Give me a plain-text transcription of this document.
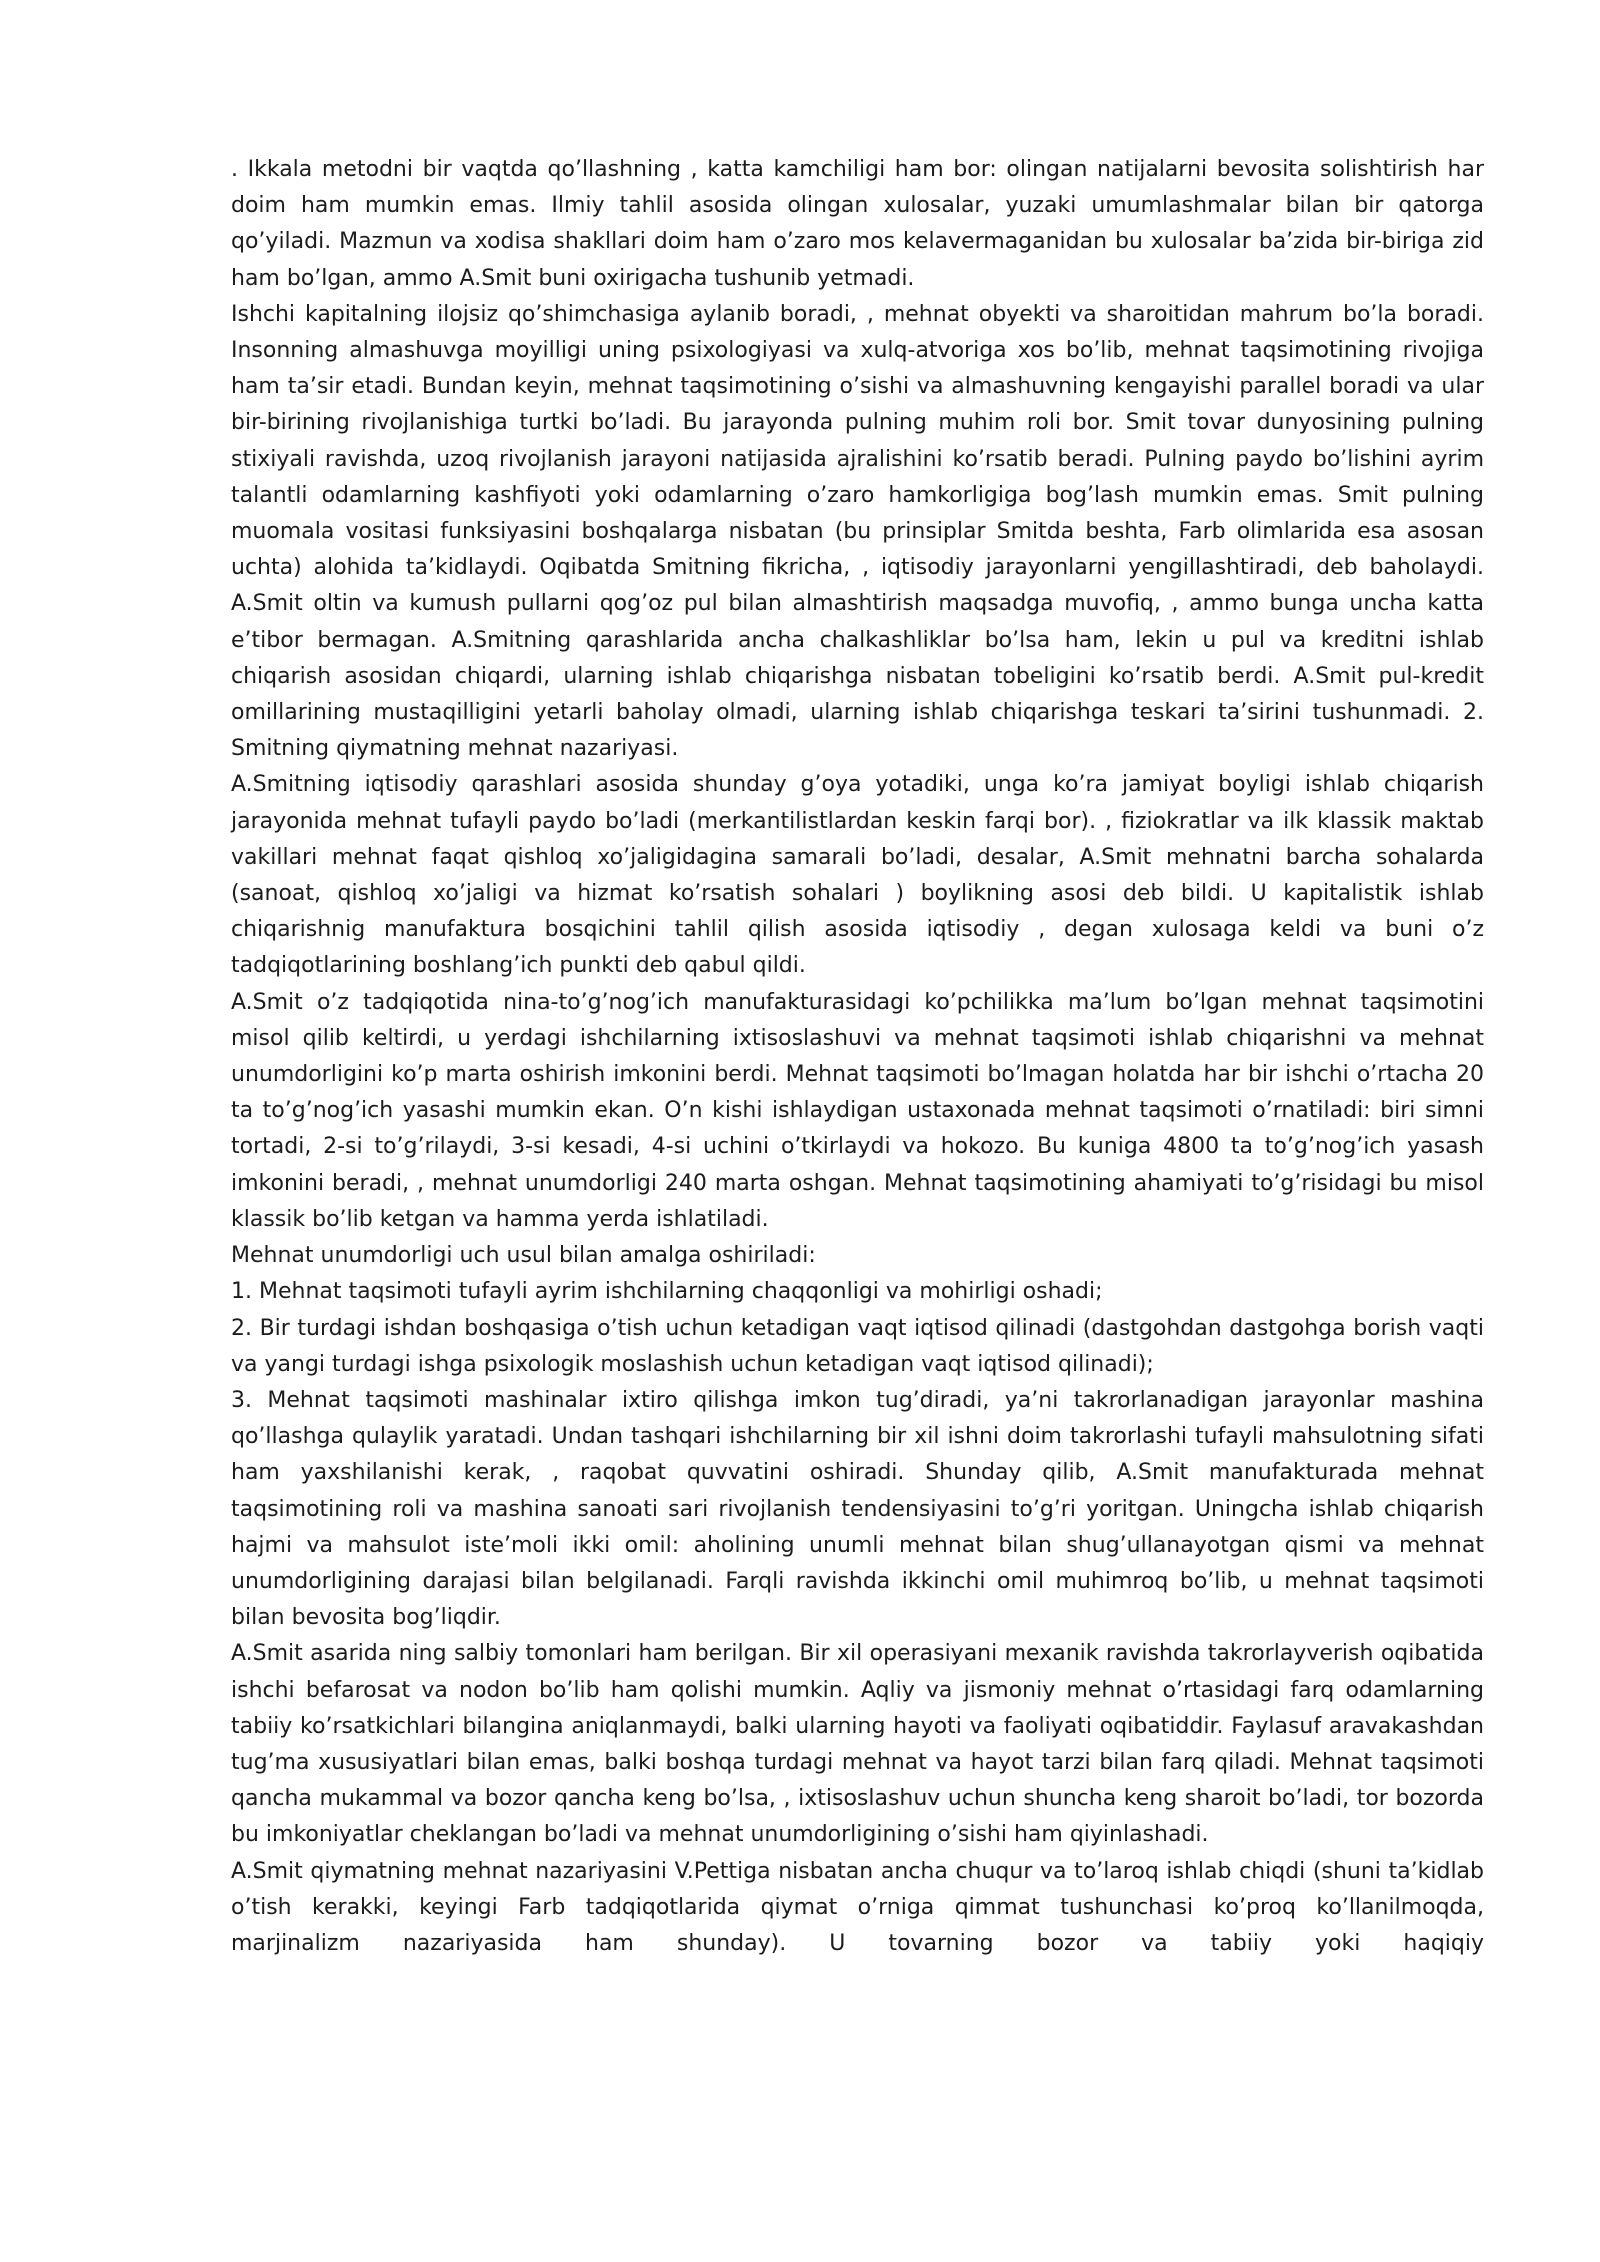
. Ikkala metodni bir vaqtda qo’llashning , katta kamchiligi ham bor: olingan natijalarni bevosita solishtirish har doim ham mumkin emas. Ilmiy tahlil asosida olingan xulosalar, yuzaki umumlashmalar bilan bir qatorga qo’yiladi. Mazmun va xodisa shakllari doim ham o’zaro mos kelavermaganidan bu xulosalar ba’zida bir-biriga zid ham bo’lgan, ammo A.Smit buni oxirigacha tushunib yetmadi.

Ishchi kapitalning ilojsiz qo’shimchasiga aylanib boradi, , mehnat obyekti va sharoitidan mahrum bo’la boradi. Insonning almashuvga moyilligi uning psixologiyasi va xulq-atvoriga xos bo’lib, mehnat taqsimotining rivojiga ham ta’sir etadi. Bundan keyin, mehnat taqsimotining o’sishi va almashuvning kengayishi parallel boradi va ular bir-birining rivojlanishiga turtki bo’ladi. Bu jarayonda pulning muhim roli bor. Smit tovar dunyosining pulning stixiyali ravishda, uzoq rivojlanish jarayoni natijasida ajralishini ko’rsatib beradi. Pulning paydo bo’lishini ayrim talantli odamlarning kashfiyoti yoki odamlarning o’zaro hamkorligiga bog’lash mumkin emas. Smit pulning muomala vositasi funksiyasini boshqalarga nisbatan (bu prinsiplar Smitda beshta, Farb olimlarida esa asosan uchta) alohida ta’kidlaydi. Oqibatda Smitning fikricha, , iqtisodiy jarayonlarni yengillashtiradi, deb baholaydi. A.Smit oltin va kumush pullarni qog’oz pul bilan almashtirish maqsadga muvofiq, , ammo bunga uncha katta e’tibor bermagan. A.Smitning qarashlarida ancha chalkashliklar bo’lsa ham, lekin u pul va kreditni ishlab chiqarish asosidan chiqardi, ularning ishlab chiqarishga nisbatan tobeligini ko’rsatib berdi. A.Smit pul-kredit omillarining mustaqilligini yetarli baholay olmadi, ularning ishlab chiqarishga teskari ta’sirini tushunmadi. 2. Smitning qiymatning mehnat nazariyasi.

A.Smitning iqtisodiy qarashlari asosida shunday g’oya yotadiki, unga ko’ra jamiyat boyligi ishlab chiqarish jarayonida mehnat tufayli paydo bo’ladi (merkantilistlardan keskin farqi bor). , fiziokratlar va ilk klassik maktab vakillari mehnat faqat qishloq xo’jaligidagina samarali bo’ladi, desalar, A.Smit mehnatni barcha sohalarda (sanoat, qishloq xo’jaligi va hizmat ko’rsatish sohalari ) boylikning asosi deb bildi. U kapitalistik ishlab chiqarishnig manufaktura bosqichini tahlil qilish asosida iqtisodiy , degan xulosaga keldi va buni o’z tadqiqotlarining boshlang’ich punkti deb qabul qildi.

A.Smit o’z tadqiqotida nina-to’g’nog’ich manufakturasidagi ko’pchilikka ma’lum bo’lgan mehnat taqsimotini misol qilib keltirdi, u yerdagi ishchilarning ixtisoslashuvi va mehnat taqsimoti ishlab chiqarishni va mehnat unumdorligini ko’p marta oshirish imkonini berdi. Mehnat taqsimoti bo’lmagan holatda har bir ishchi o’rtacha 20 ta to’g’nog’ich yasashi mumkin ekan. O’n kishi ishlaydigan ustaxonada mehnat taqsimoti o’rnatiladi: biri simni tortadi, 2-si to’g’rilaydi, 3-si kesadi, 4-si uchini o’tkirlaydi va hokozo. Bu kuniga 4800 ta to’g’nog’ich yasash imkonini beradi, , mehnat unumdorligi 240 marta oshgan. Mehnat taqsimotining ahamiyati to’g’risidagi bu misol klassik bo’lib ketgan va hamma yerda ishlatiladi.

Mehnat unumdorligi uch usul bilan amalga oshiriladi:

1. Mehnat taqsimoti tufayli ayrim ishchilarning chaqqonligi va mohirligi oshadi;

2. Bir turdagi ishdan boshqasiga o’tish uchun ketadigan vaqt iqtisod qilinadi (dastgohdan dastgohga borish vaqti va yangi turdagi ishga psixologik moslashish uchun ketadigan vaqt iqtisod qilinadi);

3. Mehnat taqsimoti mashinalar ixtiro qilishga imkon tug’diradi, ya’ni takrorlanadigan jarayonlar mashina qo’llashga qulaylik yaratadi. Undan tashqari ishchilarning bir xil ishni doim takrorlashi tufayli mahsulotning sifati ham yaxshilanishi kerak, , raqobat quvvatini oshiradi. Shunday qilib, A.Smit manufakturada mehnat taqsimotining roli va mashina sanoati sari rivojlanish tendensiyasini to’g’ri yoritgan. Uningcha ishlab chiqarish hajmi va mahsulot iste’moli ikki omil: aholining unumli mehnat bilan shug’ullanayotgan qismi va mehnat unumdorligining darajasi bilan belgilanadi. Farqli ravishda ikkinchi omil muhimroq bo’lib, u mehnat taqsimoti bilan bevosita bog’liqdir.

A.Smit asarida ning salbiy tomonlari ham berilgan. Bir xil operasiyani mexanik ravishda takrorlayverish oqibatida ishchi befarosat va nodon bo’lib ham qolishi mumkin. Aqliy va jismoniy mehnat o’rtasidagi farq odamlarning tabiiy ko’rsatkichlari bilangina aniqlanmaydi, balki ularning hayoti va faoliyati oqibatiddir. Faylasuf aravakashdan tug’ma xususiyatlari bilan emas, balki boshqa turdagi mehnat va hayot tarzi bilan farq qiladi. Mehnat taqsimoti qancha mukammal va bozor qancha keng bo’lsa, , ixtisoslashuv uchun shuncha keng sharoit bo’ladi, tor bozorda bu imkoniyatlar cheklangan bo’ladi va mehnat unumdorligining o’sishi ham qiyinlashadi.

A.Smit qiymatning mehnat nazariyasini V.Pettiga nisbatan ancha chuqur va to’laroq ishlab chiqdi (shuni ta’kidlab o’tish kerakki, keyingi Farb tadqiqotlarida qiymat o’rniga qimmat tushunchasi ko’proq ko’llanilmoqda, marjinalizm nazariyasida ham shunday). U tovarning bozor va tabiiy yoki haqiqiy
